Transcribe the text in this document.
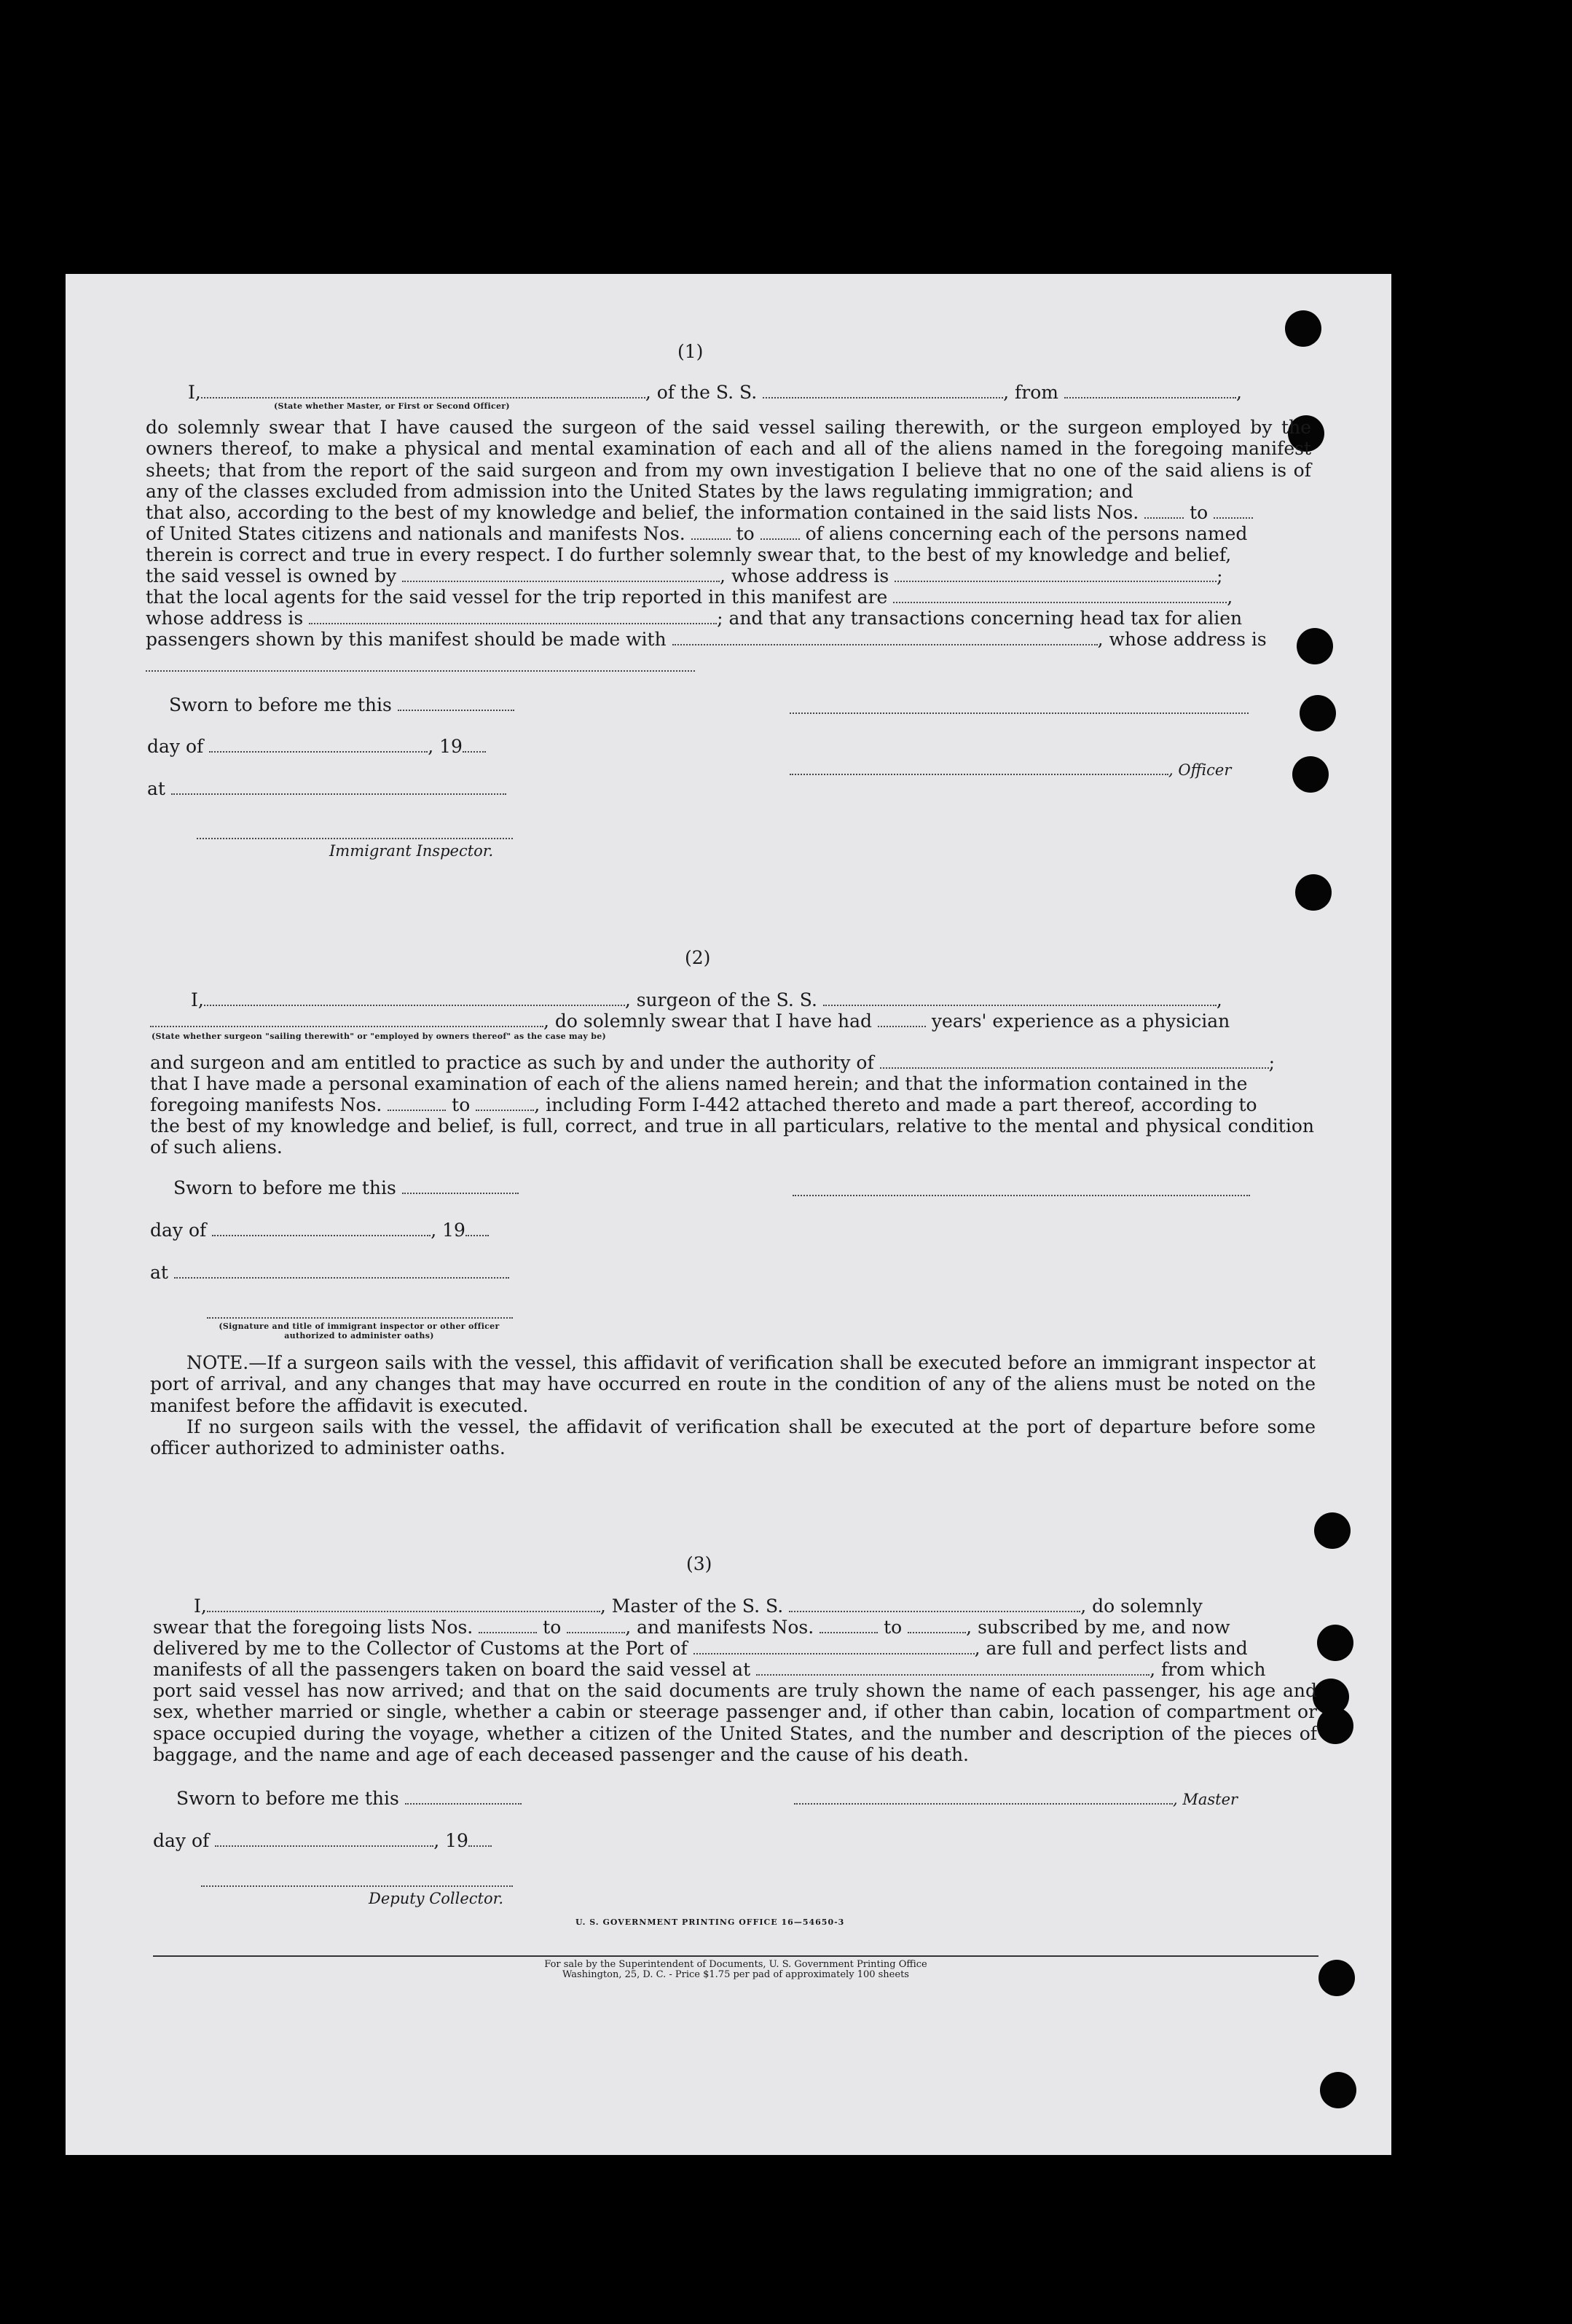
(1)
I,	, of the S. S.	, from	,
(State whether Master, or First or Second Officer)
do solemnly swear that I have caused the surgeon of the said vessel sailing therewith, or the surgeon employed by the owners thereof, to make a physical and mental examination of each and all of the aliens named in the foregoing manifest sheets; that from the report of the said surgeon and from my own investigation I believe that no one of the said aliens is of any of the classes excluded from admission into the United States by the laws regulating immigration; and
that also, according to the best of my knowledge and belief, the information contained in the said lists Nos.	to
of United States citizens and nationals and manifests Nos.	to	of aliens concerning each of the persons named
therein is correct and true in every respect. I do further solemnly swear that, to the best of my knowledge and belief,
the said vessel is owned by	, whose address is	;
that the local agents for the said vessel for the trip reported in this manifest are	,
whose address is	; and that any transactions concerning head tax for alien
passengers shown by this manifest should be made with	, whose address is
Sworn to before me this
day of	, 19
, Officer
at
Immigrant Inspector.
(2)
I,	, surgeon of the S. S.	,
, do solemnly swear that I have had	years' experience as a physician
(State whether surgeon "sailing therewith" or "employed by owners thereof" as the case may be)
and surgeon and am entitled to practice as such by and under the authority of	;
that I have made a personal examination of each of the aliens named herein; and that the information contained in the
foregoing manifests Nos.	to	, including Form I-442 attached thereto and made a part thereof, according to
the best of my knowledge and belief, is full, correct, and true in all particulars, relative to the mental and physical condition of such aliens.
Sworn to before me this
day of	, 19
at
(Signature and title of immigrant inspector or other officer authorized to administer oaths)
NOTE.—If a surgeon sails with the vessel, this affidavit of verification shall be executed before an immigrant inspector at port of arrival, and any changes that may have occurred en route in the condition of any of the aliens must be noted on the manifest before the affidavit is executed.
If no surgeon sails with the vessel, the affidavit of verification shall be executed at the port of departure before some officer authorized to administer oaths.
(3)
I,	, Master of the S. S.	, do solemnly
swear that the foregoing lists Nos.	to	, and manifests Nos.	to	, subscribed by me, and now
delivered by me to the Collector of Customs at the Port of	, are full and perfect lists and
manifests of all the passengers taken on board the said vessel at	, from which
port said vessel has now arrived; and that on the said documents are truly shown the name of each passenger, his age and sex, whether married or single, whether a cabin or steerage passenger and, if other than cabin, location of compartment or space occupied during the voyage, whether a citizen of the United States, and the number and description of the pieces of baggage, and the name and age of each deceased passenger and the cause of his death.
Sworn to before me this	, Master
day of	, 19
Deputy Collector.
U. S. GOVERNMENT PRINTING OFFICE 16—54650-3
For sale by the Superintendent of Documents, U. S. Government Printing Office
Washington, 25, D. C. - Price $1.75 per pad of approximately 100 sheets
